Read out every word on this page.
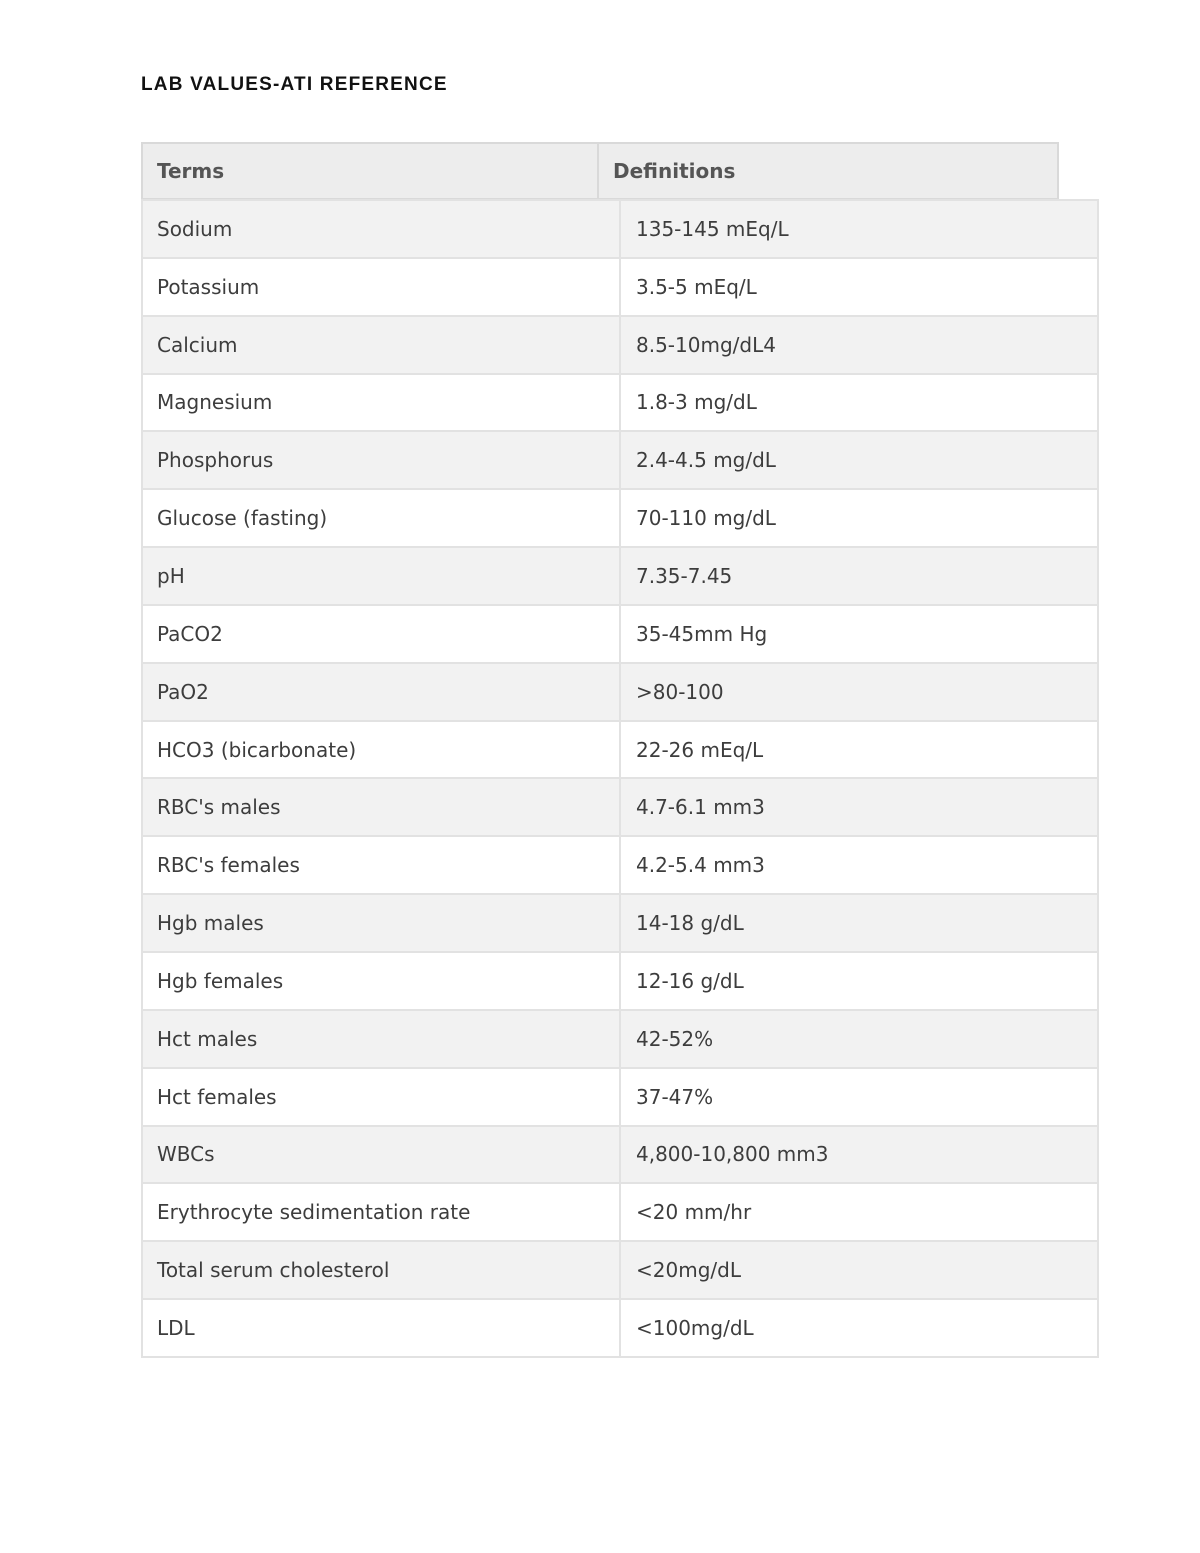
LAB VALUES-ATI REFERENCE
Terms	Definitions
Sodium	135-145 mEq/L
Potassium	3.5-5 mEq/L
Calcium	8.5-10mg/dL4
Magnesium	1.8-3 mg/dL
Phosphorus	2.4-4.5 mg/dL
Glucose (fasting)	70-110 mg/dL
pH	7.35-7.45
PaCO2	35-45mm Hg
PaO2	>80-100
HCO3 (bicarbonate)	22-26 mEq/L
RBC's males	4.7-6.1 mm3
RBC's females	4.2-5.4 mm3
Hgb males	14-18 g/dL
Hgb females	12-16 g/dL
Hct males	42-52%
Hct females	37-47%
WBCs	4,800-10,800 mm3
Erythrocyte sedimentation rate	<20 mm/hr
Total serum cholesterol	<20mg/dL
LDL	<100mg/dL
